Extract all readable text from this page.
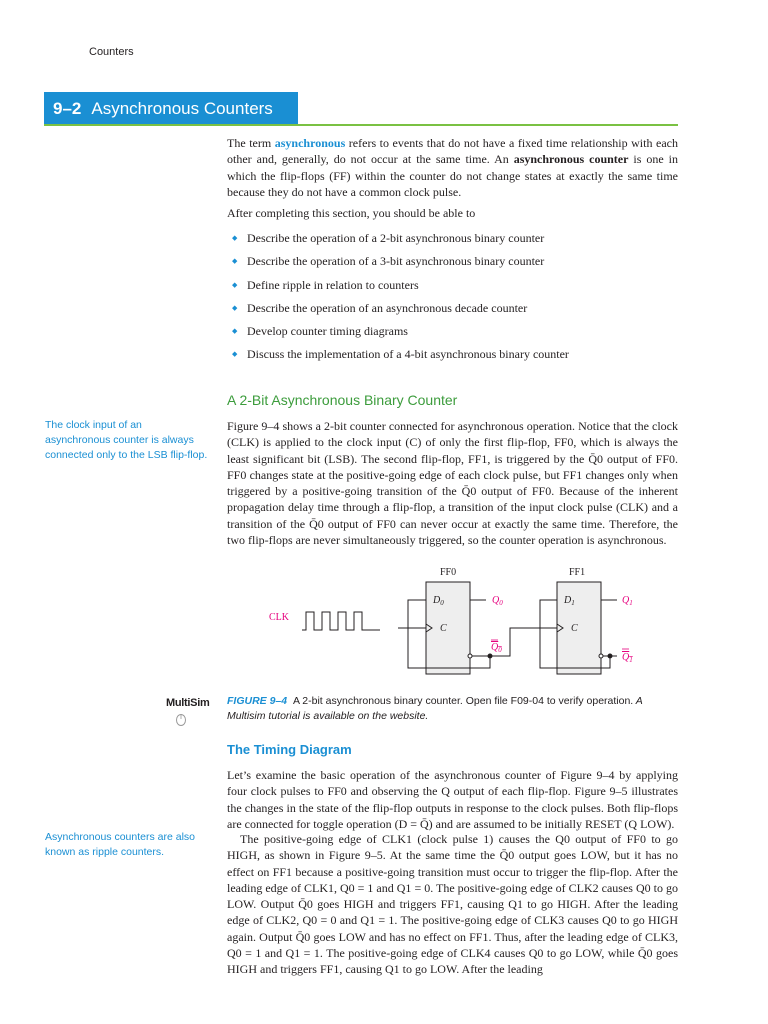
Counters
9–2 Asynchronous Counters

The term asynchronous refers to events that do not have a fixed time relationship with each other and, generally, do not occur at the same time. An asynchronous counter is one in which the flip-flops (FF) within the counter do not change states at exactly the same time because they do not have a common clock pulse.

After completing this section, you should be able to
◆ Describe the operation of a 2-bit asynchronous binary counter
◆ Describe the operation of a 3-bit asynchronous binary counter
◆ Define ripple in relation to counters
◆ Describe the operation of an asynchronous decade counter
◆ Develop counter timing diagrams
◆ Discuss the implementation of a 4-bit asynchronous binary counter
A 2-Bit Asynchronous Binary Counter
The clock input of an asynchronous counter is always connected only to the LSB flip-flop.
Figure 9–4 shows a 2-bit counter connected for asynchronous operation. Notice that the clock (CLK) is applied to the clock input (C) of only the first flip-flop, FF0, which is always the least significant bit (LSB). The second flip-flop, FF1, is triggered by the Q̄0 output of FF0. FF0 changes state at the positive-going edge of each clock pulse, but FF1 changes only when triggered by a positive-going transition of the Q̄0 output of FF0. Because of the inherent propagation delay time through a flip-flop, a transition of the input clock pulse (CLK) and a transition of the Q̄0 output of FF0 can never occur at exactly the same time. Therefore, the two flip-flops are never simultaneously triggered, so the counter operation is asynchronous.
FF0	FF1
$D_0$	$D_1$
C	C
CLK
$Q_0$
$Q_0$
$Q_1$
$Q_1$
MultiSim FIGURE 9–4 A 2-bit asynchronous binary counter. Open file F09-04 to verify operation. A Multisim tutorial is available on the website.
The Timing Diagram
Asynchronous counters are also known as ripple counters.
Let’s examine the basic operation of the asynchronous counter of Figure 9–4 by applying four clock pulses to FF0 and observing the Q output of each flip-flop. Figure 9–5 illustrates the changes in the state of the flip-flop outputs in response to the clock pulses. Both flip-flops are connected for toggle operation (D = Q̄) and are assumed to be initially RESET (Q LOW).
The positive-going edge of CLK1 (clock pulse 1) causes the Q0 output of FF0 to go HIGH, as shown in Figure 9–5. At the same time the Q̄0 output goes LOW, but it has no effect on FF1 because a positive-going transition must occur to trigger the flip-flop. After the leading edge of CLK1, Q0 = 1 and Q1 = 0. The positive-going edge of CLK2 causes Q0 to go LOW. Output Q̄0 goes HIGH and triggers FF1, causing Q1 to go HIGH. After the leading edge of CLK2, Q0 = 0 and Q1 = 1. The positive-going edge of CLK3 causes Q0 to go HIGH again. Output Q̄0 goes LOW and has no effect on FF1. Thus, after the leading edge of CLK3, Q0 = 1 and Q1 = 1. The positive-going edge of CLK4 causes Q0 to go LOW, while Q̄0 goes HIGH and triggers FF1, causing Q1 to go LOW. After the leading
